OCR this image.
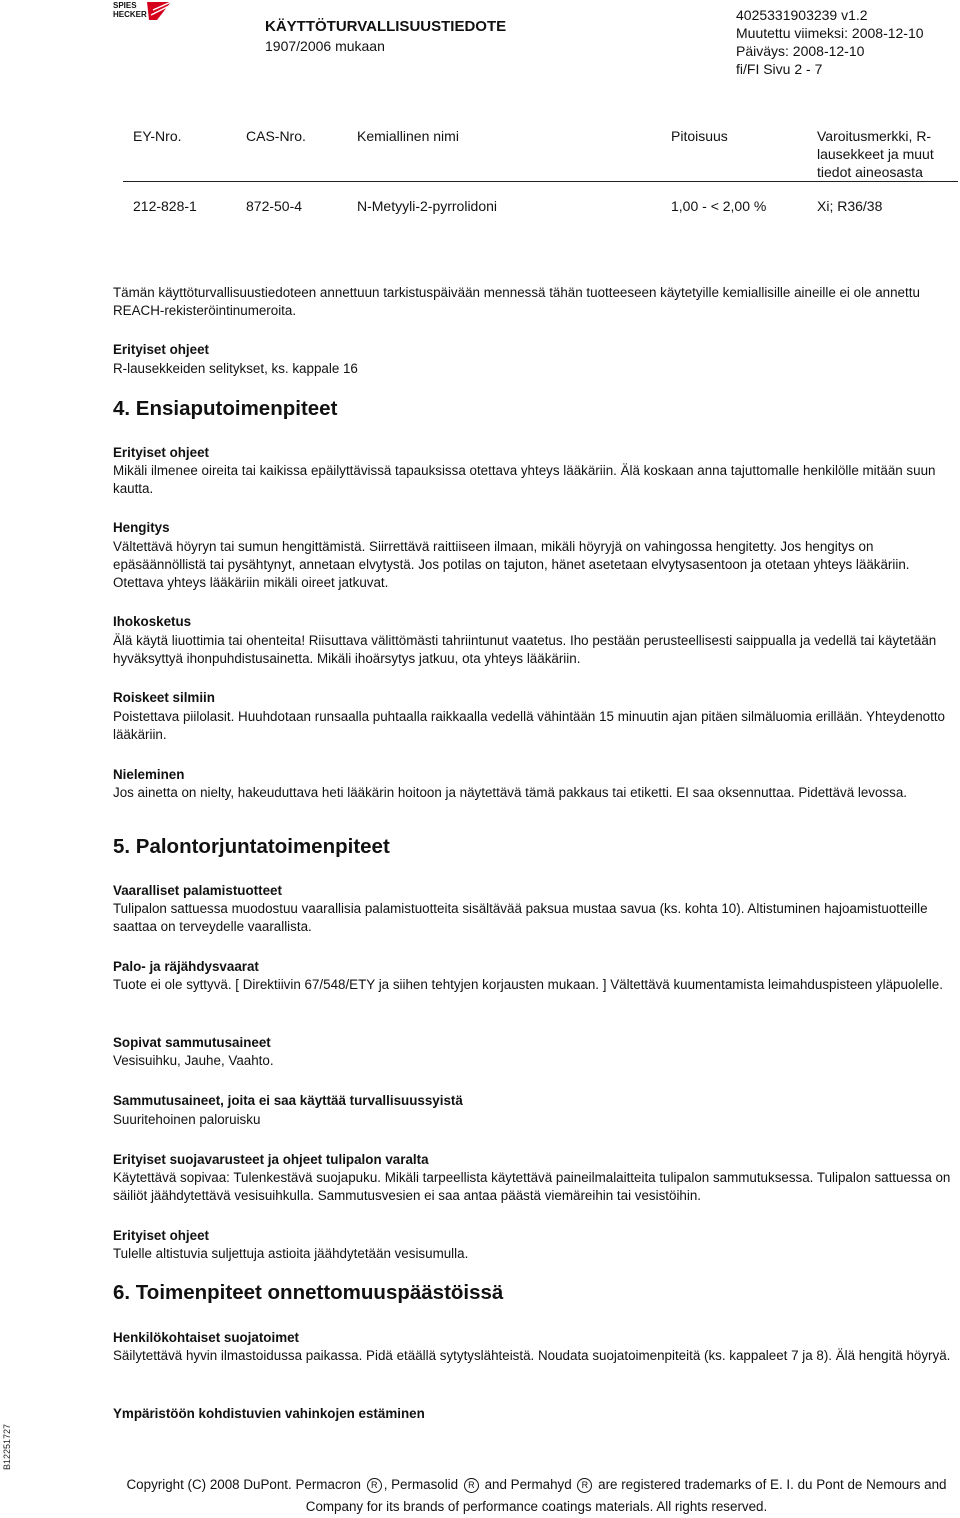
SPIES
HECKER
KÄYTTÖTURVALLISUUSTIEDOTE
1907/2006 mukaan
4025331903239 v1.2
Muutettu viimeksi: 2008-12-10
Päiväys: 2008-12-10
fi/FI Sivu 2 - 7
EY-Nro.	CAS-Nro.	Kemiallinen nimi	Pitoisuus	Varoitusmerkki, R-lausekkeet ja muut tiedot aineosasta
212-828-1	872-50-4	N-Metyyli-2-pyrrolidoni	1,00 - < 2,00 %	Xi; R36/38
Tämän käyttöturvallisuustiedoteen annettuun tarkistuspäivään mennessä tähän tuotteeseen käytetyille kemiallisille aineille ei ole annettu REACH-rekisteröintinumeroita.
Erityiset ohjeet
R-lausekkeiden selitykset, ks. kappale 16
4. Ensiaputoimenpiteet
Erityiset ohjeet
Mikäli ilmenee oireita tai kaikissa epäilyttävissä tapauksissa otettava yhteys lääkäriin. Älä koskaan anna tajuttomalle henkilölle mitään suun kautta.
Hengitys
Vältettävä höyryn tai sumun hengittämistä. Siirrettävä raittiiseen ilmaan, mikäli höyryjä on vahingossa hengitetty. Jos hengitys on epäsäännöllistä tai pysähtynyt, annetaan elvytystä. Jos potilas on tajuton, hänet asetetaan elvytysasentoon ja otetaan yhteys lääkäriin. Otettava yhteys lääkäriin mikäli oireet jatkuvat.
Ihokosketus
Älä käytä liuottimia tai ohenteita! Riisuttava välittömästi tahriintunut vaatetus. Iho pestään perusteellisesti saippualla ja vedellä tai käytetään hyväksyttyä ihonpuhdistusainetta. Mikäli ihoärsytys jatkuu, ota yhteys lääkäriin.
Roiskeet silmiin
Poistettava piilolasit. Huuhdotaan runsaalla puhtaalla raikkaalla vedellä vähintään 15 minuutin ajan pitäen silmäluomia erillään. Yhteydenotto lääkäriin.
Nieleminen
Jos ainetta on nielty, hakeuduttava heti lääkärin hoitoon ja näytettävä tämä pakkaus tai etiketti. EI saa oksennuttaa. Pidettävä levossa.
5. Palontorjuntatoimenpiteet
Vaaralliset palamistuotteet
Tulipalon sattuessa muodostuu vaarallisia palamistuotteita sisältävää paksua mustaa savua (ks. kohta 10). Altistuminen hajoamistuotteille saattaa on terveydelle vaarallista.
Palo- ja räjähdysvaarat
Tuote ei ole syttyvä. [ Direktiivin 67/548/ETY ja siihen tehtyjen korjausten mukaan. ] Vältettävä kuumentamista leimahduspisteen yläpuolelle.
Sopivat sammutusaineet
Vesisuihku, Jauhe, Vaahto.
Sammutusaineet, joita ei saa käyttää turvallisuussyistä
Suuritehoinen paloruisku
Erityiset suojavarusteet ja ohjeet tulipalon varalta
Käytettävä sopivaa: Tulenkestävä suojapuku. Mikäli tarpeellista käytettävä paineilmalaitteita tulipalon sammutuksessa. Tulipalon sattuessa on säiliöt jäähdytettävä vesisuihkulla. Sammutusvesien ei saa antaa päästä viemäreihin tai vesistöihin.
Erityiset ohjeet
Tulelle altistuvia suljettuja astioita jäähdytetään vesisumulla.
6. Toimenpiteet onnettomuuspäästöissä
Henkilökohtaiset suojatoimet
Säilytettävä hyvin ilmastoidussa paikassa. Pidä etäällä sytytyslähteistä. Noudata suojatoimenpiteitä (ks. kappaleet 7 ja 8). Älä hengitä höyryä.
Ympäristöön kohdistuvien vahinkojen estäminen
B12251727
Copyright (C) 2008 DuPont. Permacron R , Permasolid R and Permahyd R are registered trademarks of E. I. du Pont de Nemours and
Company for its brands of performance coatings materials. All rights reserved.
